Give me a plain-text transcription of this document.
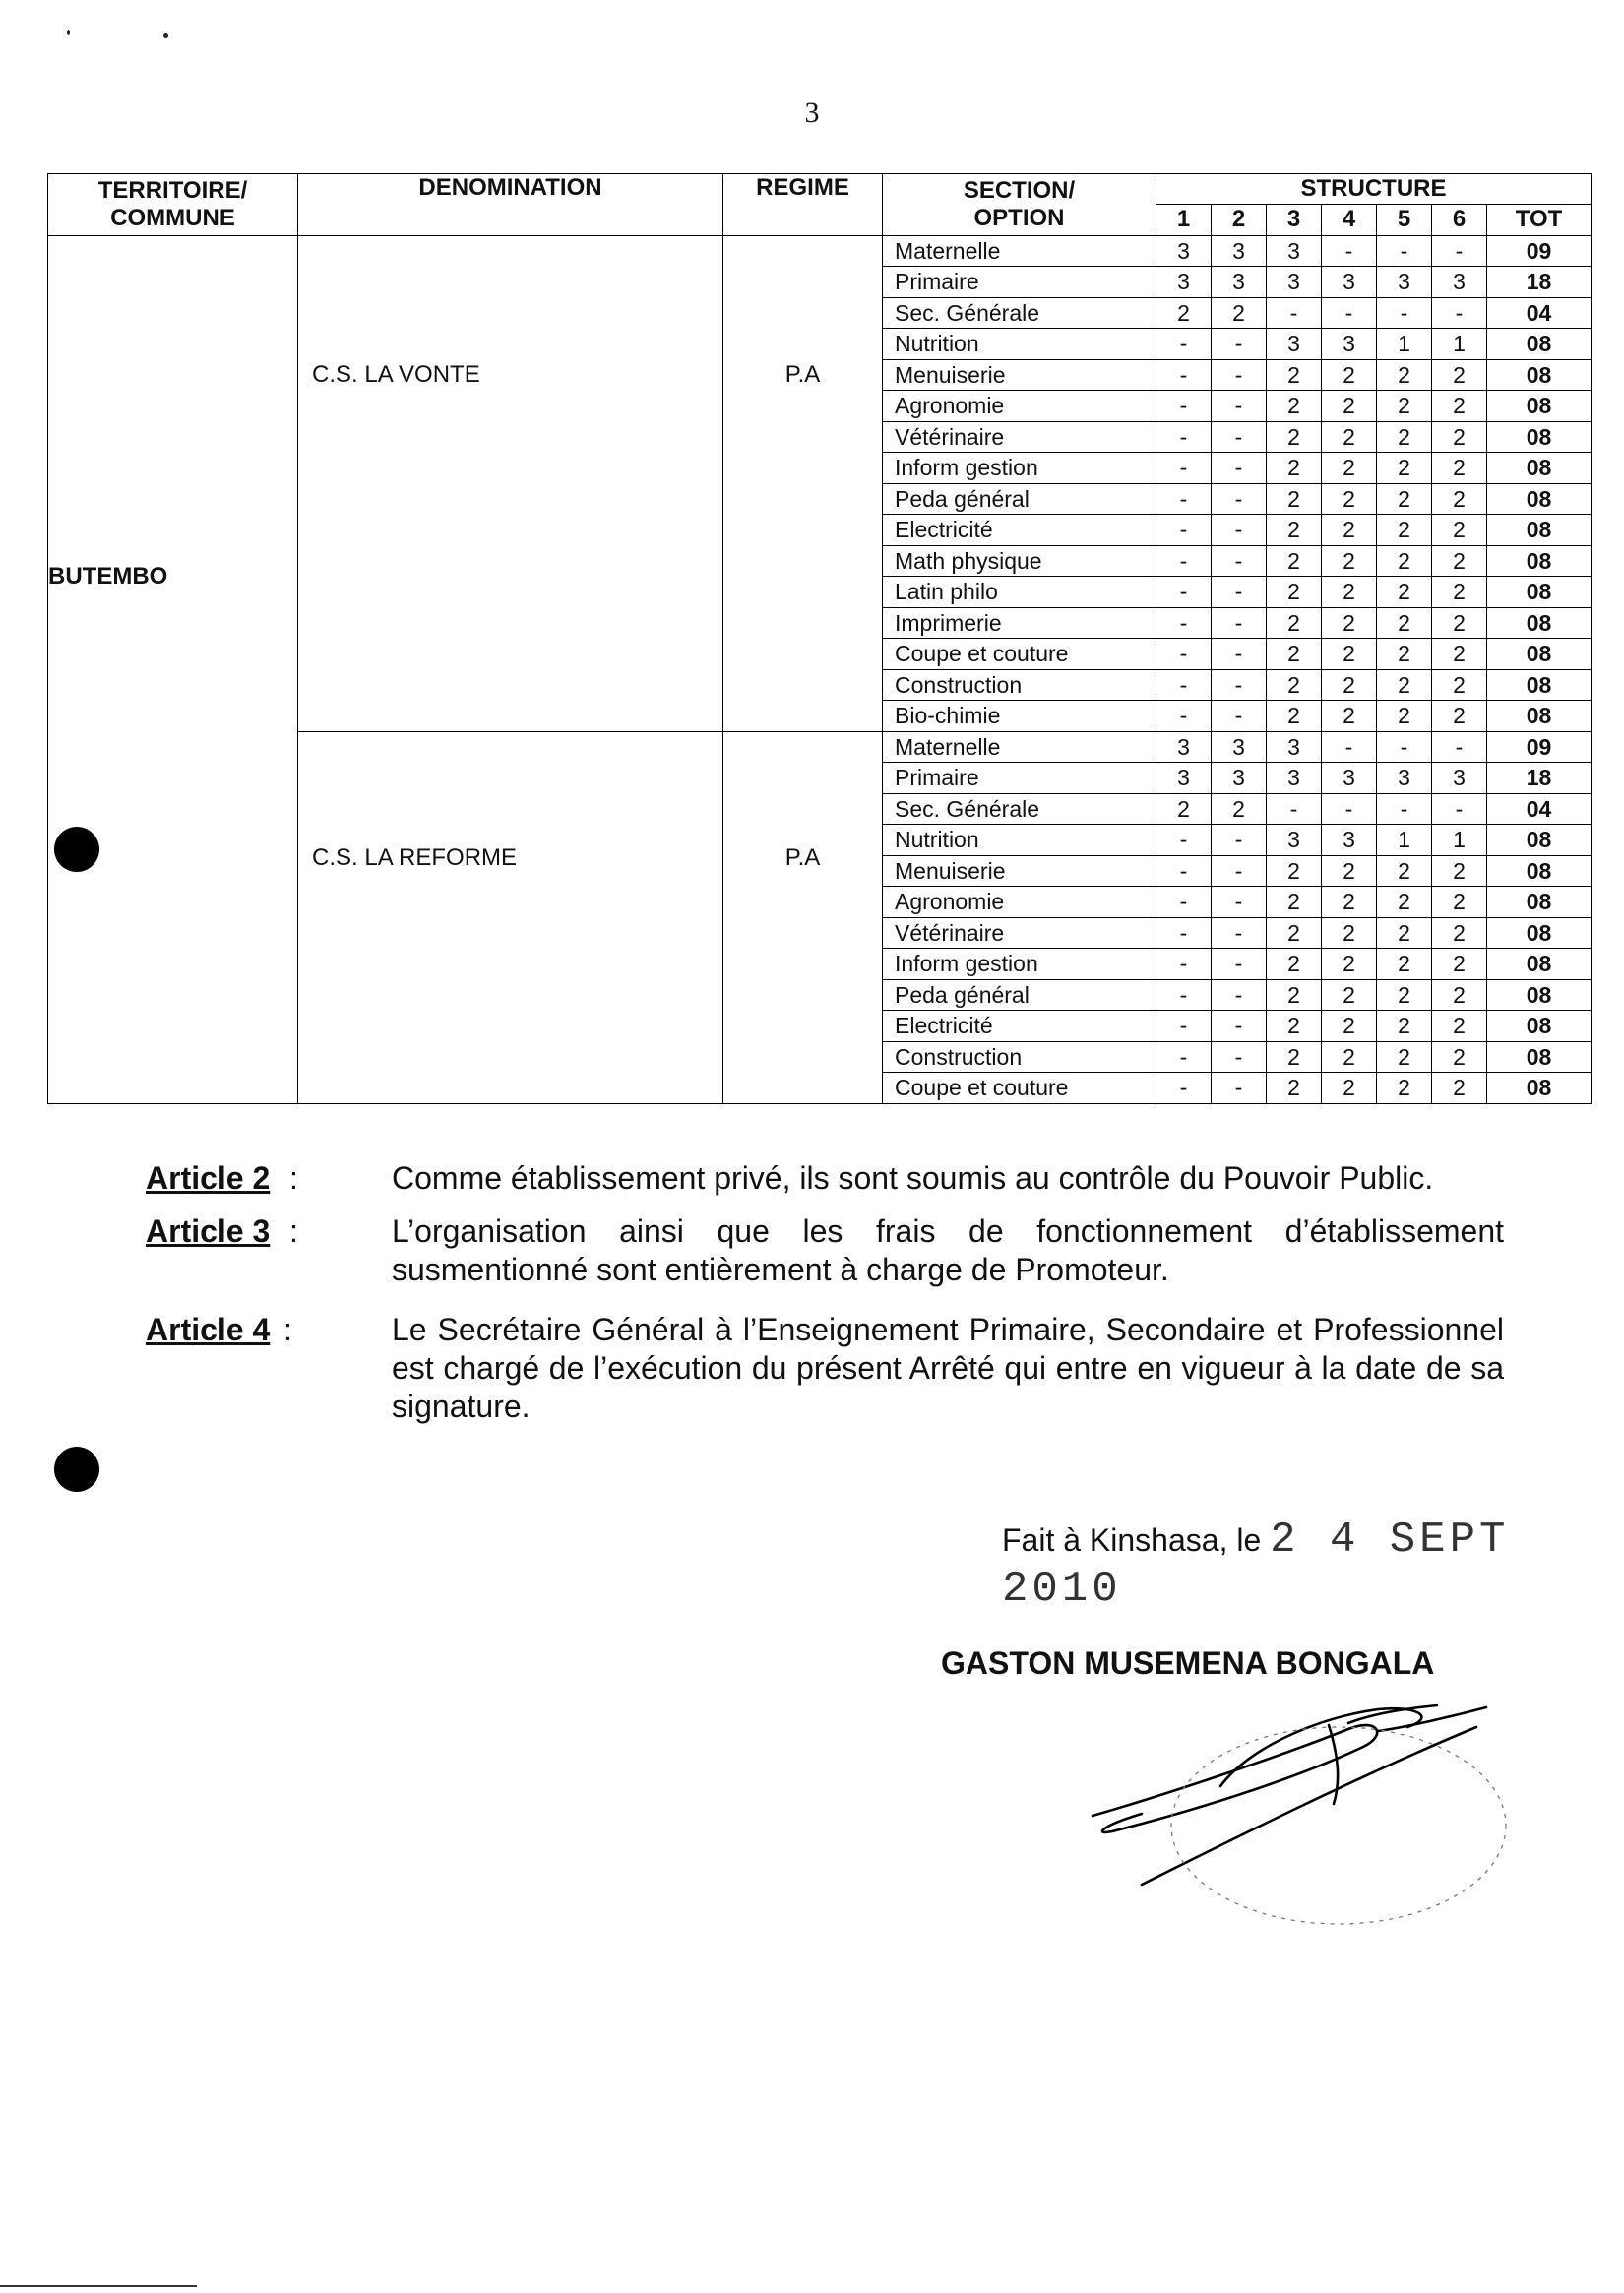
3
TERRITOIRE/
COMMUNE	DENOMINATION	REGIME	SECTION/
OPTION	STRUCTURE						
				1	2	3	4	5	6	TOT
BUTEMBO	C.S. LA VONTE	P.A	Maternelle	3	3	3	-	-	-	09
			Primaire	3	3	3	3	3	3	18
			Sec. Générale	2	2	-	-	-	-	04
			Nutrition	-	-	3	3	1	1	08
			Menuiserie	-	-	2	2	2	2	08
			Agronomie	-	-	2	2	2	2	08
			Vétérinaire	-	-	2	2	2	2	08
			Inform gestion	-	-	2	2	2	2	08
			Peda général	-	-	2	2	2	2	08
			Electricité	-	-	2	2	2	2	08
			Math physique	-	-	2	2	2	2	08
			Latin philo	-	-	2	2	2	2	08
			Imprimerie	-	-	2	2	2	2	08
			Coupe et couture	-	-	2	2	2	2	08
			Construction	-	-	2	2	2	2	08
			Bio-chimie	-	-	2	2	2	2	08
	C.S. LA REFORME	P.A	Maternelle	3	3	3	-	-	-	09
			Primaire	3	3	3	3	3	3	18
			Sec. Générale	2	2	-	-	-	-	04
			Nutrition	-	-	3	3	1	1	08
			Menuiserie	-	-	2	2	2	2	08
			Agronomie	-	-	2	2	2	2	08
			Vétérinaire	-	-	2	2	2	2	08
			Inform gestion	-	-	2	2	2	2	08
			Peda général	-	-	2	2	2	2	08
			Electricité	-	-	2	2	2	2	08
			Construction	-	-	2	2	2	2	08
			Coupe et couture	-	-	2	2	2	2	08
Article 2 :	Comme établissement privé, ils sont soumis au contrôle du Pouvoir Public.
Article 3 :	L’organisation ainsi que les frais de fonctionnement d’établissement susmentionné sont entièrement à charge de Promoteur.
Article 4 :	Le Secrétaire Général à l’Enseignement Primaire, Secondaire et Professionnel est chargé de l’exécution du présent Arrêté qui entre en vigueur à la date de sa signature.
Fait à Kinshasa, le 2 4 SEPT 2010
GASTON MUSEMENA BONGALA
